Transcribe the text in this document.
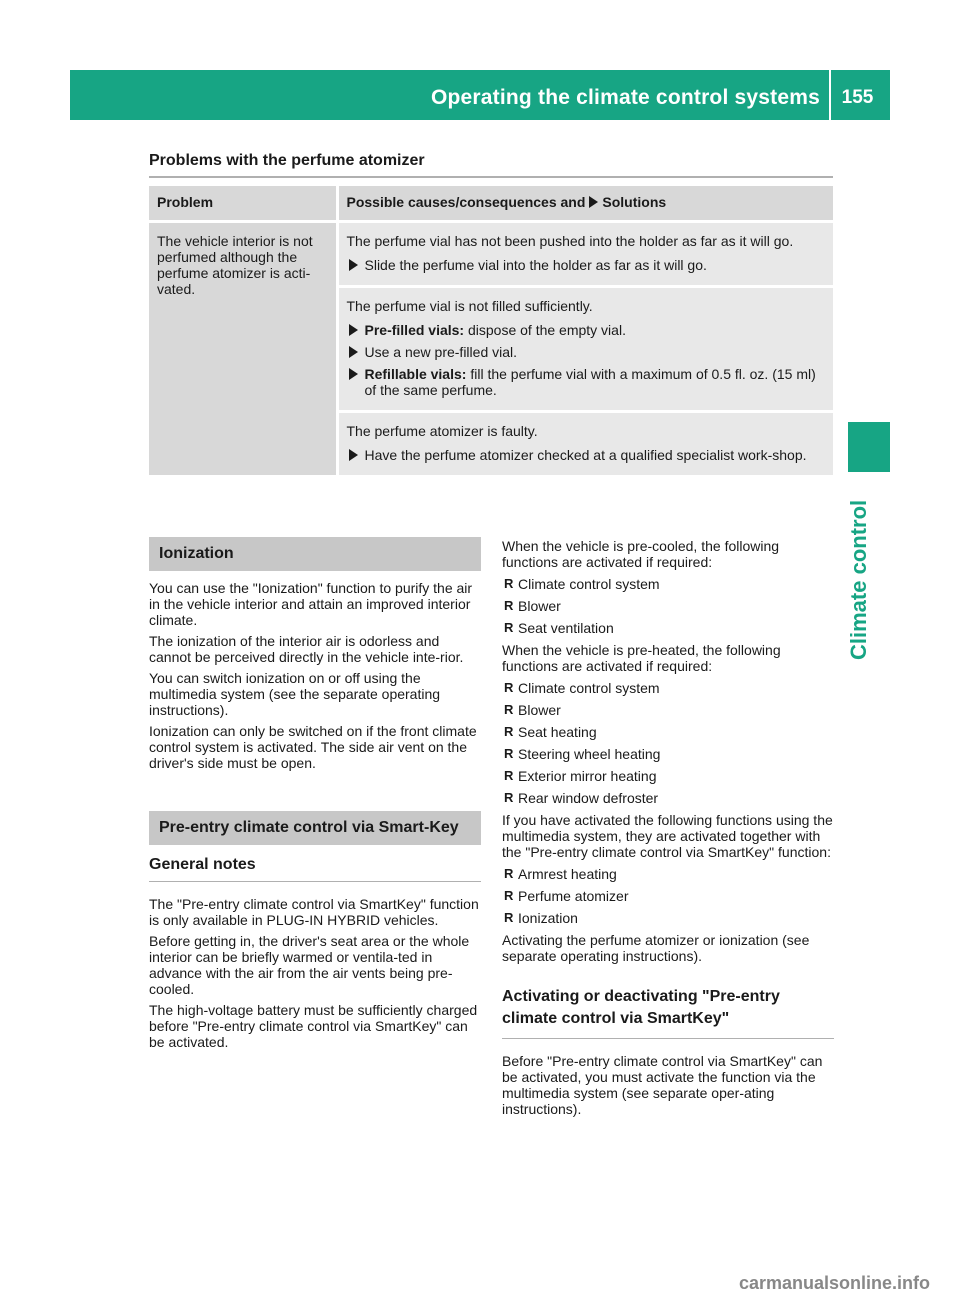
Operating the climate control systems	155
Climate control
Problems with the perfume atomizer
Problem	Possible causes/consequences and Solutions
The vehicle interior is not perfumed although the perfume atomizer is acti-vated.	The perfume vial has not been pushed into the holder as far as it will go.
Slide the perfume vial into the holder as far as it will go.

	The perfume vial is not filled sufficiently.
Pre-filled vials: dispose of the empty vial.
Use a new pre-filled vial.
Refillable vials: fill the perfume vial with a maximum of 0.5 fl. oz. (15 ml) of the same perfume.

	The perfume atomizer is faulty.
Have the perfume atomizer checked at a qualified specialist work-shop.
Ionization

You can use the "Ionization" function to purify the air in the vehicle interior and attain an improved interior climate.

The ionization of the interior air is odorless and cannot be perceived directly in the vehicle inte-rior.

You can switch ionization on or off using the multimedia system (see the separate operating instructions).

Ionization can only be switched on if the front climate control system is activated. The side air vent on the driver's side must be open.

Pre-entry climate control via Smart-Key
General notes

The "Pre-entry climate control via SmartKey" function is only available in PLUG-IN HYBRID vehicles.

Before getting in, the driver's seat area or the whole interior can be briefly warmed or ventila-ted in advance with the air from the air vents being pre-cooled.

The high-voltage battery must be sufficiently charged before "Pre-entry climate control via SmartKey" can be activated.

When the vehicle is pre-cooled, the following functions are activated if required:

R Climate control system
R Blower
R Seat ventilation

When the vehicle is pre-heated, the following functions are activated if required:

R Climate control system
R Blower
R Seat heating
R Steering wheel heating
R Exterior mirror heating
R Rear window defroster

If you have activated the following functions using the multimedia system, they are activated together with the "Pre-entry climate control via SmartKey" function:

R Armrest heating
R Perfume atomizer
R Ionization

Activating the perfume atomizer or ionization (see separate operating instructions).

Activating or deactivating "Pre-entry climate control via SmartKey"

Before "Pre-entry climate control via SmartKey" can be activated, you must activate the function via the multimedia system (see separate oper-ating instructions).

carmanualsonline.info
